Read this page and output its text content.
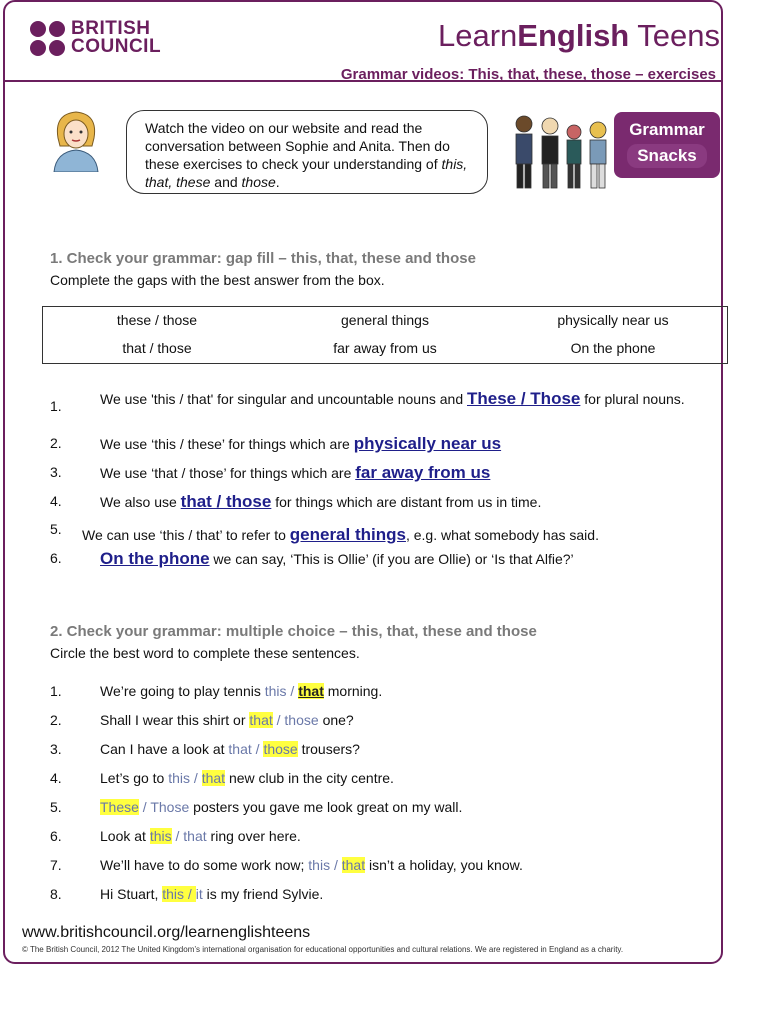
BRITISH
COUNCIL	LearnEnglish Teens
Grammar videos: This, that, these, those – exercises
Watch the video on our website and read the conversation between Sophie and Anita. Then do these exercises to check your understanding of this, that, these and those.
Grammar
Snacks
1. Check your grammar: gap fill – this, that, these and those
Complete the gaps with the best answer from the box.
these / those	general things	physically near us
that / those	far away from us	On the phone
1.	We use 'this / that' for singular and uncountable nouns and These / Those for plural nouns.
2.	We use ‘this / these’ for things which are physically near us
3.	We use ‘that / those’ for things which are far away from us
4.	We also use that / those for things which are distant from us in time.
5. We can use ‘this / that’ to refer to general things, e.g. what somebody has said.
6. On the phone we can say, ‘This is Ollie’ (if you are Ollie) or ‘Is that Alfie?’
2. Check your grammar: multiple choice – this, that, these and those
Circle the best word to complete these sentences.
1.	We’re going to play tennis this / that morning.
2.	Shall I wear this shirt or that / those one?
3.	Can I have a look at that / those trousers?
4.	Let’s go to this / that new club in the city centre.
5.	These / Those posters you gave me look great on my wall.
6.	Look at this / that ring over here.
7.	We’ll have to do some work now; this / that isn’t a holiday, you know.
8.	Hi Stuart, this / it is my friend Sylvie.
www.britishcouncil.org/learnenglishteens
© The British Council, 2012 The United Kingdom’s international organisation for educational opportunities and cultural relations. We are registered in England as a charity.
